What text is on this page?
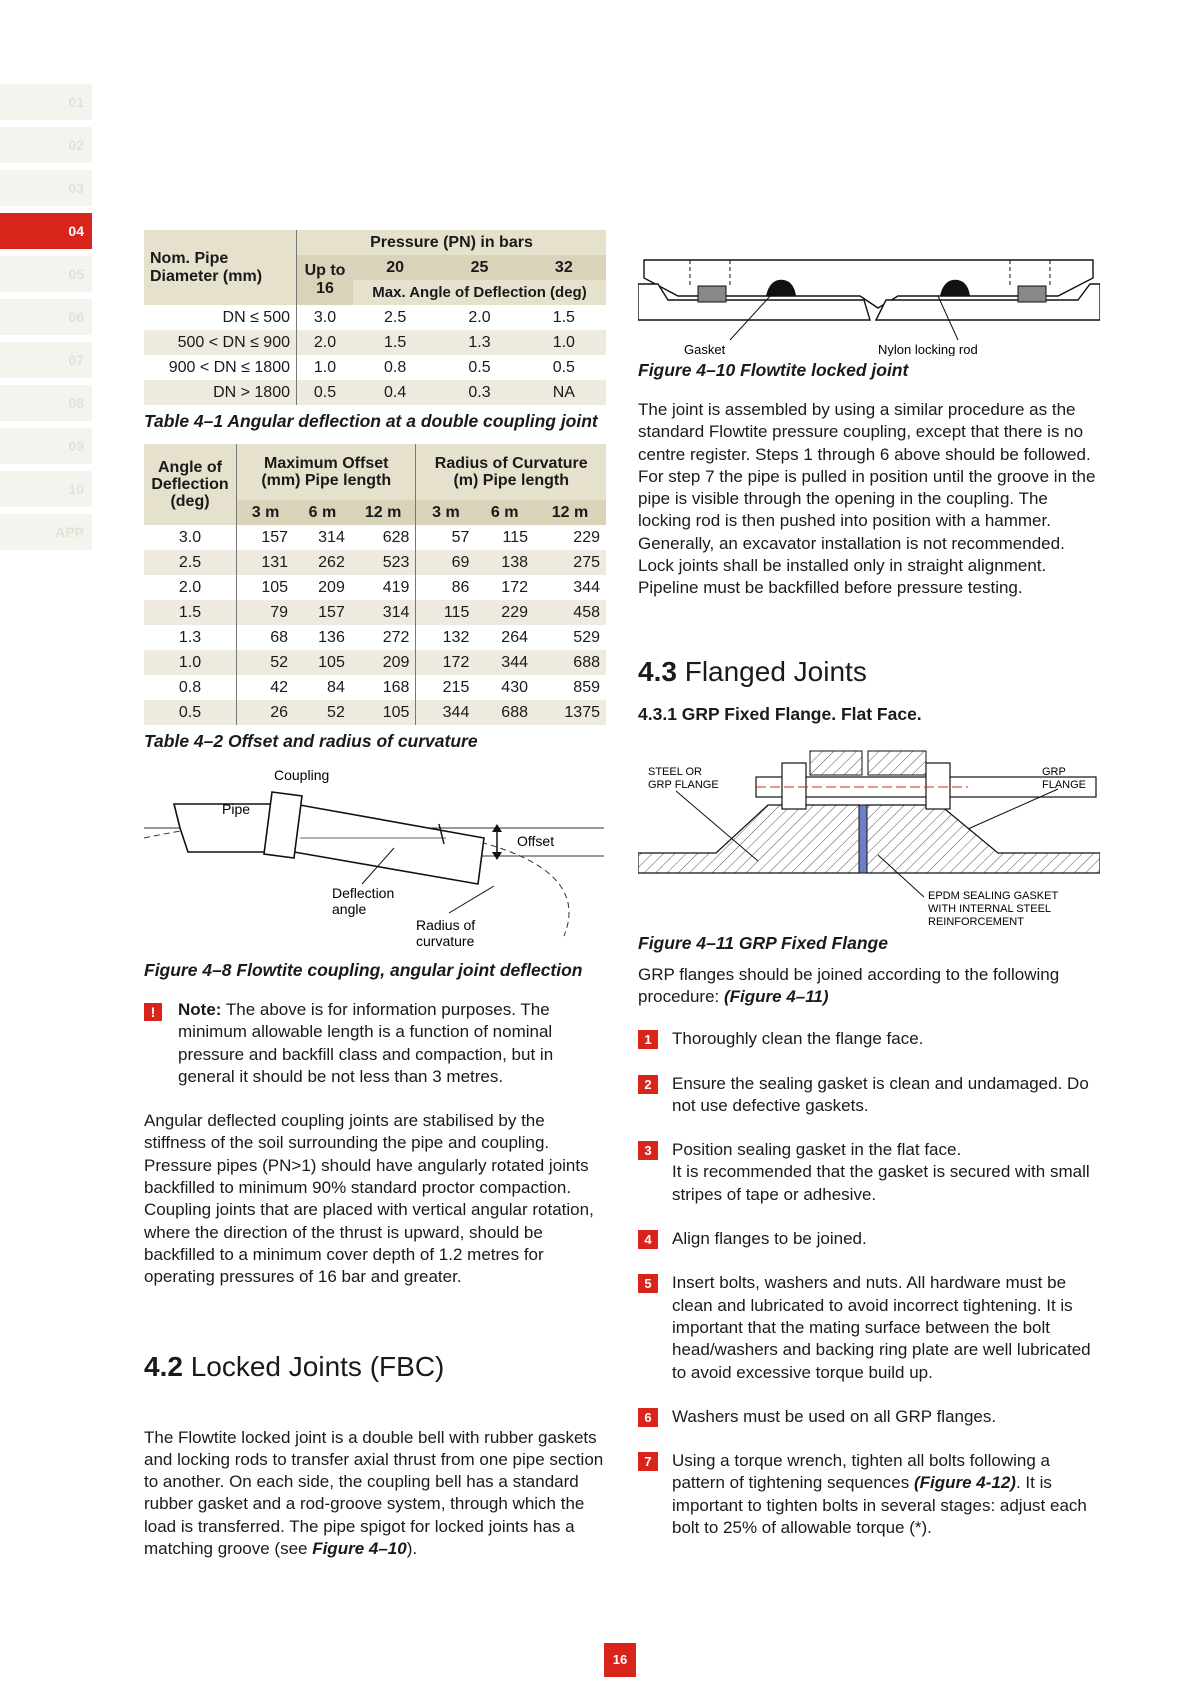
01
02
03
04
05
06
07
08
09
10
APP
Nom. Pipe Diameter (mm)	Pressure (PN) in bars			
	Up to 16	20	25	32
		Max. Angle of Deflection (deg)		
DN ≤ 500	3.0	2.5	2.0	1.5
500 < DN ≤ 900	2.0	1.5	1.3	1.0
900 < DN ≤ 1800	1.0	0.8	0.5	0.5
DN > 1800	0.5	0.4	0.3	NA

Table 4–1 Angular deflection at a double coupling joint

Angle of Deflection (deg)	Maximum Offset (mm) Pipe length			Radius of Curvature (m) Pipe length		
	3 m	6 m	12 m	3 m	6 m	12 m
3.0	157	314	628	57	115	229
2.5	131	262	523	69	138	275
2.0	105	209	419	86	172	344
1.5	79	157	314	115	229	458
1.3	68	136	272	132	264	529
1.0	52	105	209	172	344	688
0.8	42	84	168	215	430	859
0.5	26	52	105	344	688	1375

Table 4–2 Offset and radius of curvature

Coupling
Pipe
Offset
Deflection
angle
Radius of
curvature

Figure 4–8 Flowtite coupling, angular joint deflection

!	Note: The above is for information purposes. The minimum allowable length is a function of nominal pressure and backfill class and compaction, but in general it should be not less than 3 metres.

Angular deflected coupling joints are stabilised by the stiffness of the soil surrounding the pipe and coupling. Pressure pipes (PN>1) should have angularly rotated joints backfilled to minimum 90% standard proctor compaction. Coupling joints that are placed with vertical angular rotation, where the direction of the thrust is upward, should be backfilled to a minimum cover depth of 1.2 metres for operating pressures of 16 bar and greater.

4.2 Locked Joints (FBC)

The Flowtite locked joint is a double bell with rubber gaskets and locking rods to transfer axial thrust from one pipe section to another. On each side, the coupling bell has a standard rubber gasket and a rod-groove system, through which the load is transferred. The pipe spigot for locked joints has a matching groove (see Figure 4–10).

Gasket	Nylon locking rod

Figure 4–10 Flowtite locked joint

The joint is assembled by using a similar procedure as the standard Flowtite pressure coupling, except that there is no centre register. Steps 1 through 6 above should be followed. For step 7 the pipe is pulled in position until the groove in the pipe is visible through the opening in the coupling. The locking rod is then pushed into position with a hammer. Generally, an excavator installation is not recommended. Lock joints shall be installed only in straight alignment. Pipeline must be backfilled before pressure testing.

4.3 Flanged Joints

4.3.1 GRP Fixed Flange. Flat Face.

STEEL OR
GRP FLANGE
GRP
FLANGE
EPDM SEALING GASKET
WITH INTERNAL STEEL
REINFORCEMENT

Figure 4–11 GRP Fixed Flange

GRP flanges should be joined according to the following procedure: (Figure 4–11)

1	Thoroughly clean the flange face.
2	Ensure the sealing gasket is clean and undamaged. Do not use defective gaskets.
3	Position sealing gasket in the flat face.
It is recommended that the gasket is secured with small stripes of tape or adhesive.
4	Align flanges to be joined.
5	Insert bolts, washers and nuts. All hardware must be clean and lubricated to avoid incorrect tightening. It is important that the mating surface between the bolt head/washers and backing ring plate are well lubricated to avoid excessive torque build up.
6	Washers must be used on all GRP flanges.
7	Using a torque wrench, tighten all bolts following a pattern of tightening sequences (Figure 4-12). It is important to tighten bolts in several stages: adjust each bolt to 25% of allowable torque (*).
16
